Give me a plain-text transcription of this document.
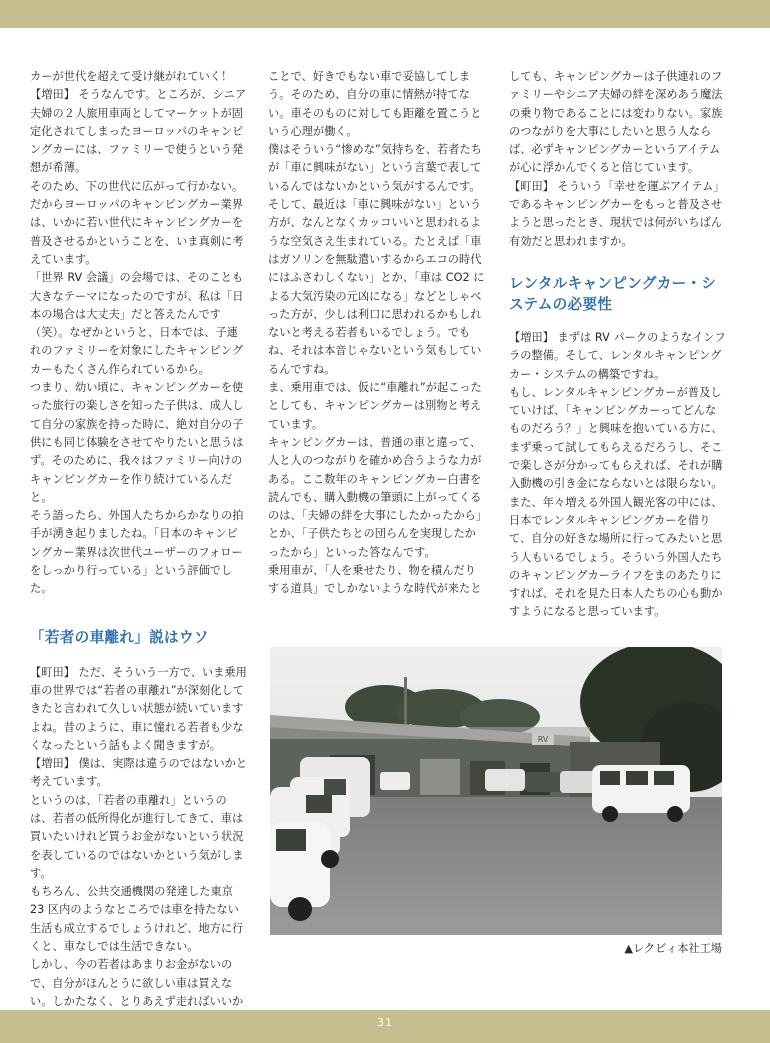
カーが世代を超えて受け継がれていく！

【増田】 そうなんです。ところが、シニア夫婦の２人旅用車両としてマーケットが固定化されてしまったヨーロッパのキャンピングカーには、ファミリーで使うという発想が希薄。

そのため、下の世代に広がって行かない。

だからヨーロッパのキャンピングカー業界は、いかに若い世代にキャンピングカーを普及させるかということを、いま真剣に考えています。

「世界 RV 会議」の会場では、そのことも大きなテーマになったのですが、私は「日本の場合は大丈夫」だと答えたんです（笑）。なぜかというと、日本では、子連れのファミリーを対象にしたキャンピングカーもたくさん作られているから。

つまり、幼い頃に、キャンピングカーを使った旅行の楽しさを知った子供は、成人して自分の家族を持った時に、絶対自分の子供にも同じ体験をさせてやりたいと思うはず。そのために、我々はファミリー向けのキャンピングカーを作り続けているんだと。

そう語ったら、外国人たちからかなりの拍手が湧き起りましたね。「日本のキャンピングカー業界は次世代ユーザーのフォローをしっかり行っている」という評価でした。

「若者の車離れ」説はウソ

【町田】 ただ、そういう一方で、いま乗用車の世界では“若者の車離れ”が深刻化してきたと言われて久しい状態が続いていますよね。昔のように、車に憧れる若者も少なくなったという話もよく聞きますが。

【増田】 僕は、実際は違うのではないかと考えています。

というのは、「若者の車離れ」というのは、若者の低所得化が進行してきて、車は買いたいけれど買うお金がないという状況を表しているのではないかという気がします。

もちろん、公共交通機関の発達した東京 23 区内のようなところでは車を持たない生活も成立するでしょうけれど、地方に行くと、車なしでは生活できない。

しかし、今の若者はあまりお金がないので、自分がほんとうに欲しい車は買えない。しかたなく、とりあえず走ればいいか

ことで、好きでもない車で妥協してしまう。そのため、自分の車に情熱が持てない。車そのものに対しても距離を置こうという心理が働く。

僕はそういう“惨めな”気持ちを、若者たちが「車に興味がない」という言葉で表しているんではないかという気がするんです。

そして、最近は「車に興味がない」という方が、なんとなくカッコいいと思われるような空気さえ生まれている。たとえば「車はガソリンを無駄遣いするからエコの時代にはふさわしくない」とか、「車は CO2 による大気汚染の元凶になる」などとしゃべった方が、少しは利口に思われるかもしれないと考える若者もいるでしょう。でもね、それは本音じゃないという気もしているんですね。

ま、乗用車では、仮に“車離れ”が起こったとしても、キャンピングカーは別物と考えています。

キャンピングカーは、普通の車と違って、人と人のつながりを確かめ合うような力がある。ここ数年のキャンピングカー白書を読んでも、購入動機の筆頭に上がってくるのは、「夫婦の絆を大事にしたかったから」とか、「子供たちとの団らんを実現したかったから」といった答なんです。

乗用車が、「人を乗せたり、物を積んだりする道具」でしかないような時代が来たと

しても、キャンピングカーは子供連れのファミリーやシニア夫婦の絆を深めあう魔法の乗り物であることには変わりない。家族のつながりを大事にしたいと思う人ならば、必ずキャンピングカーというアイテムが心に浮かんでくると信じています。

【町田】 そういう「幸せを運ぶアイテム」であるキャンピングカーをもっと普及させようと思ったとき、現状では何がいちばん有効だと思われますか。

レンタルキャンピングカー・システムの必要性

【増田】 まずは RV パークのようなインフラの整備。そして、レンタルキャンピングカー・システムの構築ですね。

もし、レンタルキャンピングカーが普及していけば、「キャンピングカーってどんなものだろう？」と興味を抱いている方に、まず乗って試してもらえるだろうし、そこで楽しさが分かってもらえれば、それが購入動機の引き金にならないとは限らない。

また、年々増える外国人観光客の中には、日本でレンタルキャンピングカーを借りて、自分の好きな場所に行ってみたいと思う人もいるでしょう。そういう外国人たちのキャンピングカーライフをまのあたりにすれば、それを見た日本人たちの心も動かすようになると思っています。

RV
▲レクビィ本社工場
31
